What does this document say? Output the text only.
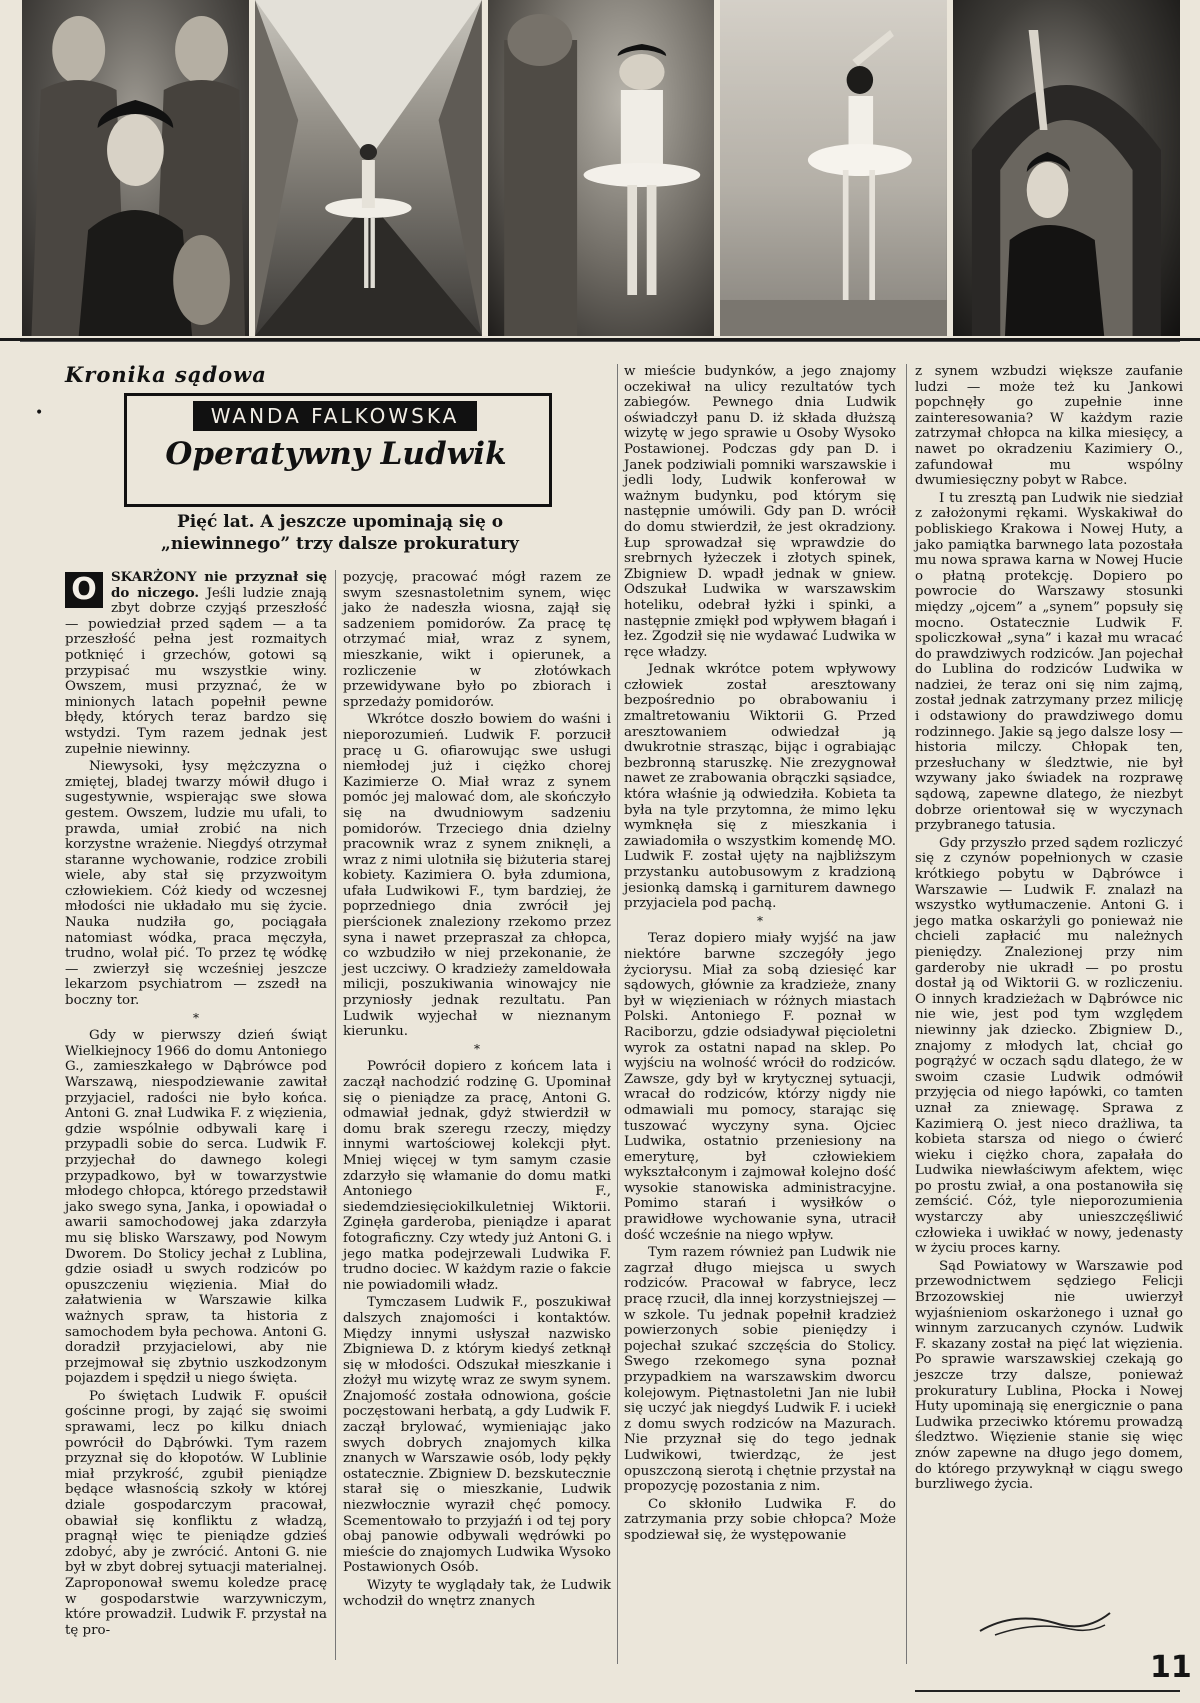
•
Kronika sądowa
WANDA FALKOWSKA
Operatywny Ludwik
Pięć lat. A jeszcze upominają się o
„niewinnego” trzy dalsze prokuratury

O	SKARŻONY nie przyznał się do niczego. Jeśli ludzie znają zbyt dobrze czyjąś przeszłość — powiedział przed sądem — a ta przeszłość pełna jest rozmaitych potknięć i grzechów, gotowi są przypisać mu wszystkie winy. Owszem, musi przyznać, że w minionych latach popełnił pewne błędy, których teraz bardzo się wstydzi. Tym razem jednak jest zupełnie niewinny.

Niewysoki, łysy mężczyzna o zmiętej, bladej twarzy mówił długo i sugestywnie, wspierając swe słowa gestem. Owszem, ludzie mu ufali, to prawda, umiał zrobić na nich korzystne wrażenie. Niegdyś otrzymał staranne wychowanie, rodzice zrobili wiele, aby stał się przyzwoitym człowiekiem. Cóż kiedy od wczesnej młodości nie układało mu się życie. Nauka nudziła go, pociągała natomiast wódka, praca męczyła, trudno, wolał pić. To przez tę wódkę — zwierzył się wcześniej jeszcze lekarzom psychiatrom — zszedł na boczny tor.

*

Gdy w pierwszy dzień świąt Wielkiejnocy 1966 do domu Antoniego G., zamieszkałego w Dąbrówce pod Warszawą, niespodziewanie zawitał przyjaciel, radości nie było końca. Antoni G. znał Ludwika F. z więzienia, gdzie wspólnie odbywali karę i przypadli sobie do serca. Ludwik F. przyjechał do dawnego kolegi przypadkowo, był w towarzystwie młodego chłopca, którego przedstawił jako swego syna, Janka, i opowiadał o awarii samochodowej jaka zdarzyła mu się blisko Warszawy, pod Nowym Dworem. Do Stolicy jechał z Lublina, gdzie osiadł u swych rodziców po opuszczeniu więzienia. Miał do załatwienia w Warszawie kilka ważnych spraw, ta historia z samochodem była pechowa. Antoni G. doradził przyjacielowi, aby nie przejmował się zbytnio uszkodzonym pojazdem i spędził u niego święta.

Po świętach Ludwik F. opuścił gościnne progi, by zająć się swoimi sprawami, lecz po kilku dniach powrócił do Dąbrówki. Tym razem przyznał się do kłopotów. W Lublinie miał przykrość, zgubił pieniądze będące własnością szkoły w której dziale gospodarczym pracował, obawiał się konfliktu z władzą, pragnął więc te pieniądze gdzieś zdobyć, aby je zwrócić. Antoni G. nie był w zbyt dobrej sytuacji materialnej. Zaproponował swemu koledze pracę w gospodarstwie warzywniczym, które prowadził. Ludwik F. przystał na tę pro-

pozycję, pracować mógł razem ze swym szesnastoletnim synem, więc jako że nadeszła wiosna, zajął się sadzeniem pomidorów. Za pracę tę otrzymać miał, wraz z synem, mieszkanie, wikt i opierunek, a rozliczenie w złotówkach przewidywane było po zbiorach i sprzedaży pomidorów.

Wkrótce doszło bowiem do waśni i nieporozumień. Ludwik F. porzucił pracę u G. ofiarowując swe usługi niemłodej już i ciężko chorej Kazimierze O. Miał wraz z synem pomóc jej malować dom, ale skończyło się na dwudniowym sadzeniu pomidorów. Trzeciego dnia dzielny pracownik wraz z synem zniknęli, a wraz z nimi ulotniła się biżuteria starej kobiety. Kazimiera O. była zdumiona, ufała Ludwikowi F., tym bardziej, że poprzedniego dnia zwrócił jej pierścionek znaleziony rzekomo przez syna i nawet przepraszał za chłopca, co wzbudziło w niej przekonanie, że jest uczciwy. O kradzieży zameldowała milicji, poszukiwania winowajcy nie przyniosły jednak rezultatu. Pan Ludwik wyjechał w nieznanym kierunku.

*

Powrócił dopiero z końcem lata i zaczął nachodzić rodzinę G. Upominał się o pieniądze za pracę, Antoni G. odmawiał jednak, gdyż stwierdził w domu brak szeregu rzeczy, między innymi wartościowej kolekcji płyt. Mniej więcej w tym samym czasie zdarzyło się włamanie do domu matki Antoniego F., siedemdziesięciokilkuletniej Wiktorii. Zginęła garderoba, pieniądze i aparat fotograficzny. Czy wtedy już Antoni G. i jego matka podejrzewali Ludwika F. trudno dociec. W każdym razie o fakcie nie powiadomili władz.

Tymczasem Ludwik F., poszukiwał dalszych znajomości i kontaktów. Między innymi usłyszał nazwisko Zbigniewa D. z którym kiedyś zetknął się w młodości. Odszukał mieszkanie i złożył mu wizytę wraz ze swym synem. Znajomość została odnowiona, goście poczęstowani herbatą, a gdy Ludwik F. zaczął brylować, wymieniając jako swych dobrych znajomych kilka znanych w Warszawie osób, lody pękły ostatecznie. Zbigniew D. bezskutecznie starał się o mieszkanie, Ludwik niezwłocznie wyraził chęć pomocy. Scementowało to przyjaźń i od tej pory obaj panowie odbywali wędrówki po mieście do znajomych Ludwika Wysoko Postawionych Osób.

Wizyty te wyglądały tak, że Ludwik wchodził do wnętrz znanych

w mieście budynków, a jego znajomy oczekiwał na ulicy rezultatów tych zabiegów. Pewnego dnia Ludwik oświadczył panu D. iż składa dłuższą wizytę w jego sprawie u Osoby Wysoko Postawionej. Podczas gdy pan D. i Janek podziwiali pomniki warszawskie i jedli lody, Ludwik konferował w ważnym budynku, pod którym się następnie umówili. Gdy pan D. wrócił do domu stwierdził, że jest okradziony. Łup sprowadzał się wprawdzie do srebrnych łyżeczek i złotych spinek, Zbigniew D. wpadł jednak w gniew. Odszukał Ludwika w warszawskim hoteliku, odebrał łyżki i spinki, a następnie zmiękł pod wpływem błagań i łez. Zgodził się nie wydawać Ludwika w ręce władzy.

Jednak wkrótce potem wpływowy człowiek został aresztowany bezpośrednio po obrabowaniu i zmaltretowaniu Wiktorii G. Przed aresztowaniem odwiedzał ją dwukrotnie strasząc, bijąc i ograbiając bezbronną staruszkę. Nie zrezygnował nawet ze zrabowania obrączki sąsiadce, która właśnie ją odwiedziła. Kobieta ta była na tyle przytomna, że mimo lęku wymknęła się z mieszkania i zawiadomiła o wszystkim komendę MO. Ludwik F. został ujęty na najbliższym przystanku autobusowym z kradzioną jesionką damską i garniturem dawnego przyjaciela pod pachą.

*

Teraz dopiero miały wyjść na jaw niektóre barwne szczegóły jego życiorysu. Miał za sobą dziesięć kar sądowych, głównie za kradzieże, znany był w więzieniach w różnych miastach Polski. Antoniego F. poznał w Raciborzu, gdzie odsiadywał pięcioletni wyrok za ostatni napad na sklep. Po wyjściu na wolność wrócił do rodziców. Zawsze, gdy był w krytycznej sytuacji, wracał do rodziców, którzy nigdy nie odmawiali mu pomocy, starając się tuszować wyczyny syna. Ojciec Ludwika, ostatnio przeniesiony na emeryturę, był człowiekiem wykształconym i zajmował kolejno dość wysokie stanowiska administracyjne. Pomimo starań i wysiłków o prawidłowe wychowanie syna, utracił dość wcześnie na niego wpływ.

Tym razem również pan Ludwik nie zagrzał długo miejsca u swych rodziców. Pracował w fabryce, lecz pracę rzucił, dla innej korzystniejszej — w szkole. Tu jednak popełnił kradzież powierzonych sobie pieniędzy i pojechał szukać szczęścia do Stolicy. Swego rzekomego syna poznał przypadkiem na warszawskim dworcu kolejowym. Piętnastoletni Jan nie lubił się uczyć jak niegdyś Ludwik F. i uciekł z domu swych rodziców na Mazurach. Nie przyznał się do tego jednak Ludwikowi, twierdząc, że jest opuszczoną sierotą i chętnie przystał na propozycję pozostania z nim.

Co skłoniło Ludwika F. do zatrzymania przy sobie chłopca? Może spodziewał się, że występowanie

z synem wzbudzi większe zaufanie ludzi — może też ku Jankowi popchnęły go zupełnie inne zainteresowania? W każdym razie zatrzymał chłopca na kilka miesięcy, a nawet po okradzeniu Kazimiery O., zafundował mu wspólny dwumiesięczny pobyt w Rabce.

I tu zresztą pan Ludwik nie siedział z założonymi rękami. Wyskakiwał do pobliskiego Krakowa i Nowej Huty, a jako pamiątka barwnego lata pozostała mu nowa sprawa karna w Nowej Hucie o płatną protekcję. Dopiero po powrocie do Warszawy stosunki między „ojcem” a „synem” popsuły się mocno. Ostatecznie Ludwik F. spoliczkował „syna” i kazał mu wracać do prawdziwych rodziców. Jan pojechał do Lublina do rodziców Ludwika w nadziei, że teraz oni się nim zajmą, został jednak zatrzymany przez milicję i odstawiony do prawdziwego domu rodzinnego. Jakie są jego dalsze losy — historia milczy. Chłopak ten, przesłuchany w śledztwie, nie był wzywany jako świadek na rozprawę sądową, zapewne dlatego, że niezbyt dobrze orientował się w wyczynach przybranego tatusia.

Gdy przyszło przed sądem rozliczyć się z czynów popełnionych w czasie krótkiego pobytu w Dąbrówce i Warszawie — Ludwik F. znalazł na wszystko wytłumaczenie. Antoni G. i jego matka oskarżyli go ponieważ nie chcieli zapłacić mu należnych pieniędzy. Znalezionej przy nim garderoby nie ukradł — po prostu dostał ją od Wiktorii G. w rozliczeniu. O innych kradzieżach w Dąbrówce nic nie wie, jest pod tym względem niewinny jak dziecko. Zbigniew D., znajomy z młodych lat, chciał go pogrążyć w oczach sądu dlatego, że w swoim czasie Ludwik odmówił przyjęcia od niego łapówki, co tamten uznał za zniewagę. Sprawa z Kazimierą O. jest nieco drażliwa, ta kobieta starsza od niego o ćwierć wieku i ciężko chora, zapałała do Ludwika niewłaściwym afektem, więc po prostu zwiał, a ona postanowiła się zemścić. Cóż, tyle nieporozumienia wystarczy aby unieszczęśliwić człowieka i uwikłać w nowy, jedenasty w życiu proces karny.

Sąd Powiatowy w Warszawie pod przewodnictwem sędziego Felicji Brzozowskiej nie uwierzył wyjaśnieniom oskarżonego i uznał go winnym zarzucanych czynów. Ludwik F. skazany został na pięć lat więzienia. Po sprawie warszawskiej czekają go jeszcze trzy dalsze, ponieważ prokuratury Lublina, Płocka i Nowej Huty upominają się energicznie o pana Ludwika przeciwko któremu prowadzą śledztwo. Więzienie stanie się więc znów zapewne na długo jego domem, do którego przywyknął w ciągu swego burzliwego życia.

11
